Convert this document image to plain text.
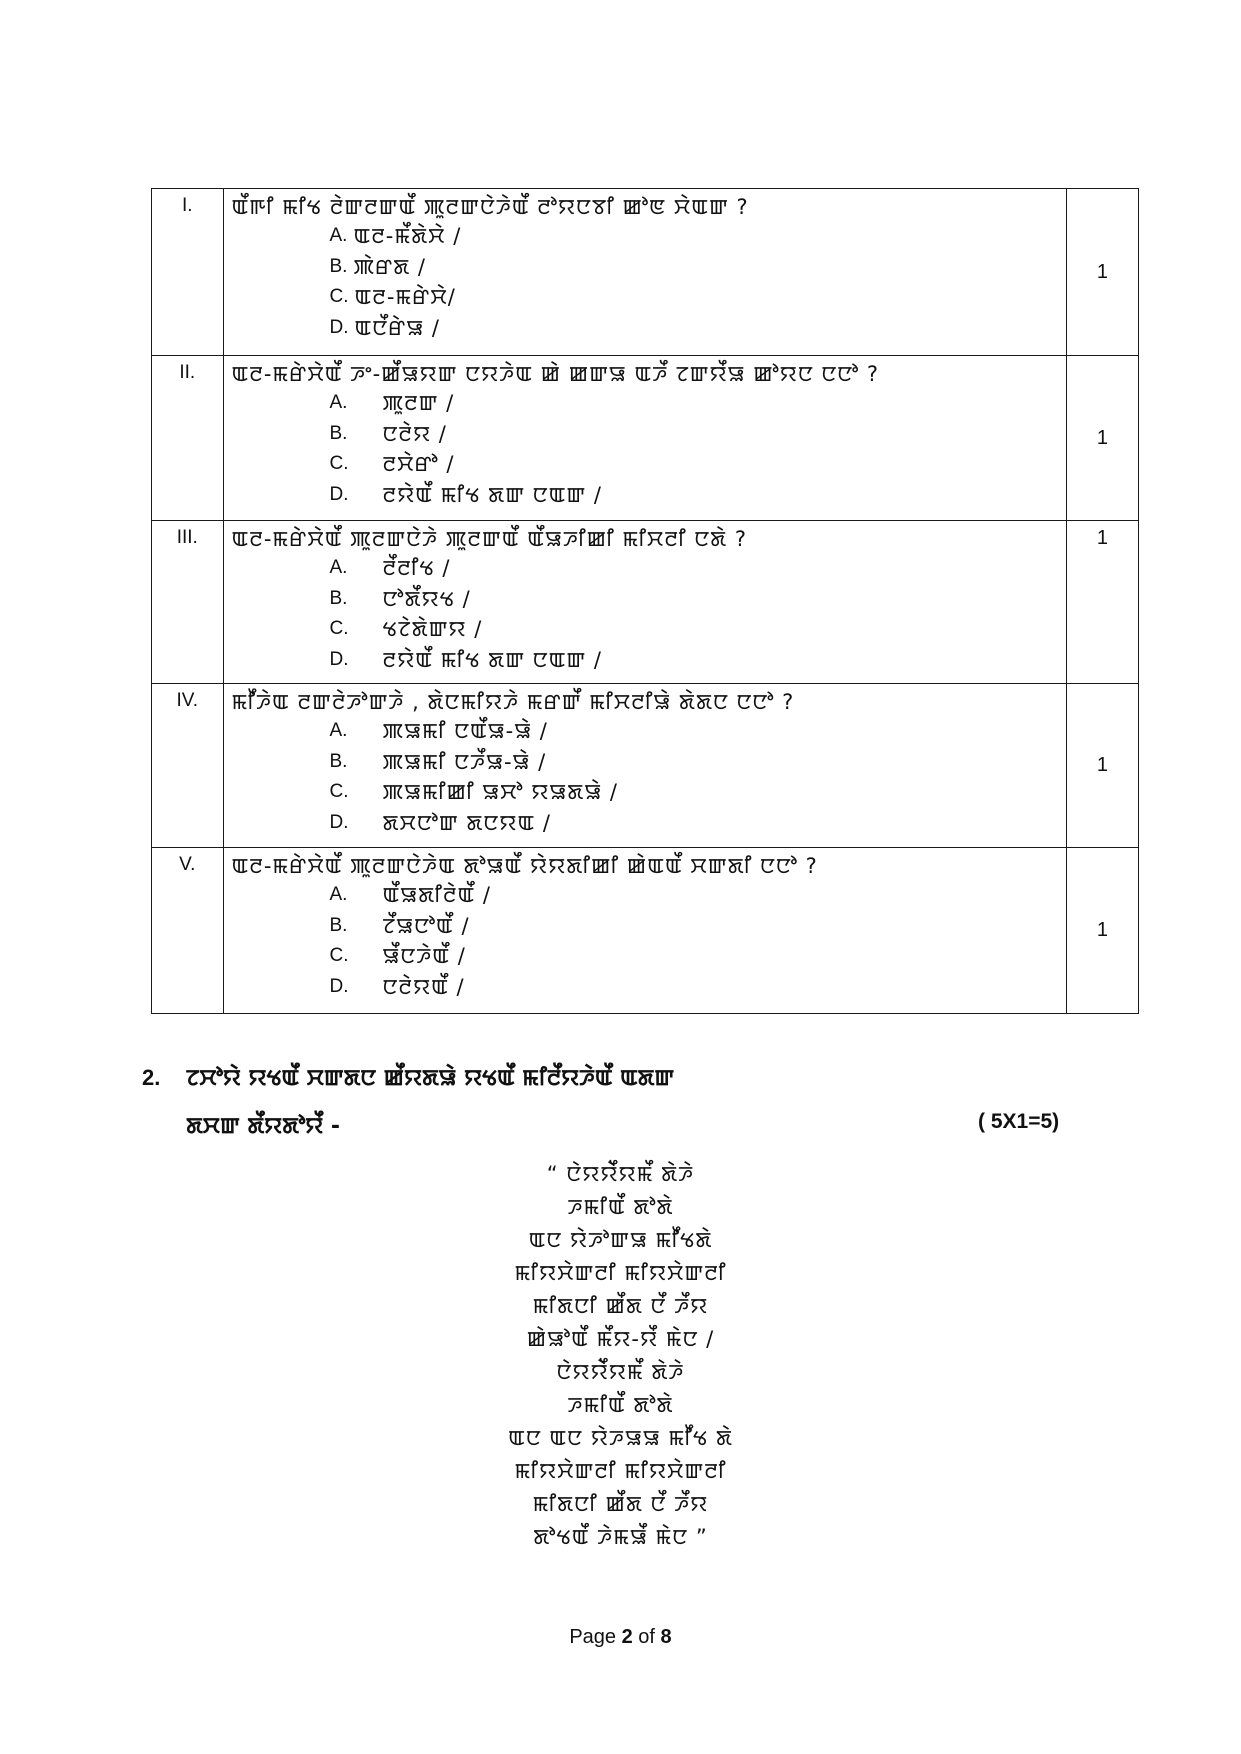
I.	ꯑꯩꯒꯤ ꯃꯤꯠ ꯂꯥꯛꯂꯛꯑꯩ ꯄꯨꯂꯛꯅꯥꯍꯥꯑꯩ ꯂꯣꯌꯅꯕꯤ ꯀꯣꯟ ꯆꯥꯑꯛ ?
A. ꯑꯂ-ꯃꯩꯗꯥꯆꯥ /
B. ꯄꯥꯔꯗ /
C. ꯑꯂ-ꯃꯔꯥꯆꯥ/
D. ꯑꯅꯩꯔꯥꯎ /
	1
II.	ꯑꯂ-ꯃꯔꯥꯆꯥꯑꯩ ꯍꯦ-ꯀꯩꯎꯌꯛ ꯅꯌꯍꯥꯑ ꯀꯥ ꯀꯛꯎ ꯑꯍꯩ ꯖꯛꯌꯩꯎ ꯀꯣꯌꯅ ꯅꯅꯣ ?
A.	ꯄꯨꯂꯛ /
B.	ꯅꯂꯥꯌ /
C.	ꯂꯆꯥꯔꯣ /
D.	ꯂꯌꯥꯑꯩ ꯃꯤꯠ ꯗꯛ ꯅꯑꯛ /
	1
III.	ꯑꯂ-ꯃꯔꯥꯆꯥꯑꯩ ꯄꯨꯂꯛꯅꯥꯍꯥ ꯄꯨꯂꯛꯑꯩ ꯑꯩꯎꯍꯤꯀꯤ ꯃꯤꯆꯂꯤ ꯅꯗꯥ ?
A.	ꯂꯩꯂꯤꯠ /
B.	ꯅꯣꯗꯩꯌꯠ /
C.	ꯠꯖꯥꯗꯥꯛꯌ /
D.	ꯂꯌꯥꯑꯩ ꯃꯤꯠ ꯗꯛ ꯅꯑꯛ /
	1
IV.	ꯃꯤꯩꯍꯥꯑ ꯂꯛꯂꯥꯍꯣꯛꯍꯥ , ꯗꯥꯅꯃꯤꯌꯍꯥ ꯃꯔꯛꯩ ꯃꯤꯆꯂꯤꯎꯥ ꯗꯥꯗꯅ ꯅꯅꯣ ?
A.	ꯄꯎꯃꯤ ꯅꯑꯩꯎ-ꯎꯥ /
B.	ꯄꯎꯃꯤ ꯅꯍꯩꯎ-ꯎꯥ /
C.	ꯄꯎꯃꯤꯀꯤ ꯎꯆꯣ ꯌꯎꯗꯎꯥ /
D.	ꯗꯆꯅꯣꯛ ꯗꯅꯌꯑ /
	1
V.	ꯑꯂ-ꯃꯔꯥꯆꯥꯑꯩ ꯄꯨꯂꯛꯅꯥꯍꯥꯑ ꯗꯣꯎꯑꯩ ꯌꯥꯌꯗꯤꯀꯤ ꯀꯥꯑꯑꯩ ꯆꯛꯗꯤ ꯅꯅꯣ ?
A.	ꯑꯩꯎꯗꯤꯂꯥꯑꯩ /
B.	ꯖꯩꯎꯅꯣꯑꯩ /
C.	ꯎꯩꯅꯍꯥꯑꯩ /
D.	ꯅꯂꯥꯌꯑꯩ /
	1
2. ꯖꯆꯣꯌꯥ ꯌꯠꯑꯩ ꯆꯛꯗꯅ ꯀꯩꯌꯗꯎꯥ ꯌꯠꯑꯩ ꯃꯤꯂꯩꯌꯍꯥꯑꯩ ꯑꯗꯛ
ꯗꯆꯛ ꯗꯩꯌꯗꯣꯌꯩ -	( 5X1=5)
“ ꯅꯥꯌꯌꯥꯩꯌꯃꯩ ꯗꯥꯍꯥ
ꯍꯃꯤꯑꯩ ꯗꯣꯗꯥ
ꯑꯅ ꯌꯥꯍꯣꯛꯎ ꯃꯤꯩꯠꯗꯥ
ꯃꯤꯌꯆꯥꯛꯂꯤ ꯃꯤꯌꯆꯥꯛꯂꯤ
ꯃꯤꯗꯅꯤ ꯀꯩꯗ ꯅꯩ ꯍꯩꯌ
ꯀꯥꯎꯣꯑꯩ ꯃꯩꯌ-ꯌꯩ ꯃꯥꯅ /
ꯅꯥꯌꯌꯥꯩꯌꯃꯩ ꯗꯥꯍꯥ
ꯍꯃꯤꯑꯩ ꯗꯣꯗꯥ
ꯑꯅ ꯑꯅ ꯌꯥꯍꯎꯎ ꯃꯤꯩꯠ ꯗꯥ
ꯃꯤꯌꯆꯥꯛꯂꯤ ꯃꯤꯌꯆꯥꯛꯂꯤ
ꯃꯤꯗꯅꯤ ꯀꯩꯗ ꯅꯩ ꯍꯩꯌ
ꯗꯣꯠꯑꯩ ꯍꯥꯃꯎꯩ ꯃꯥꯅ ”
Page 2 of 8
